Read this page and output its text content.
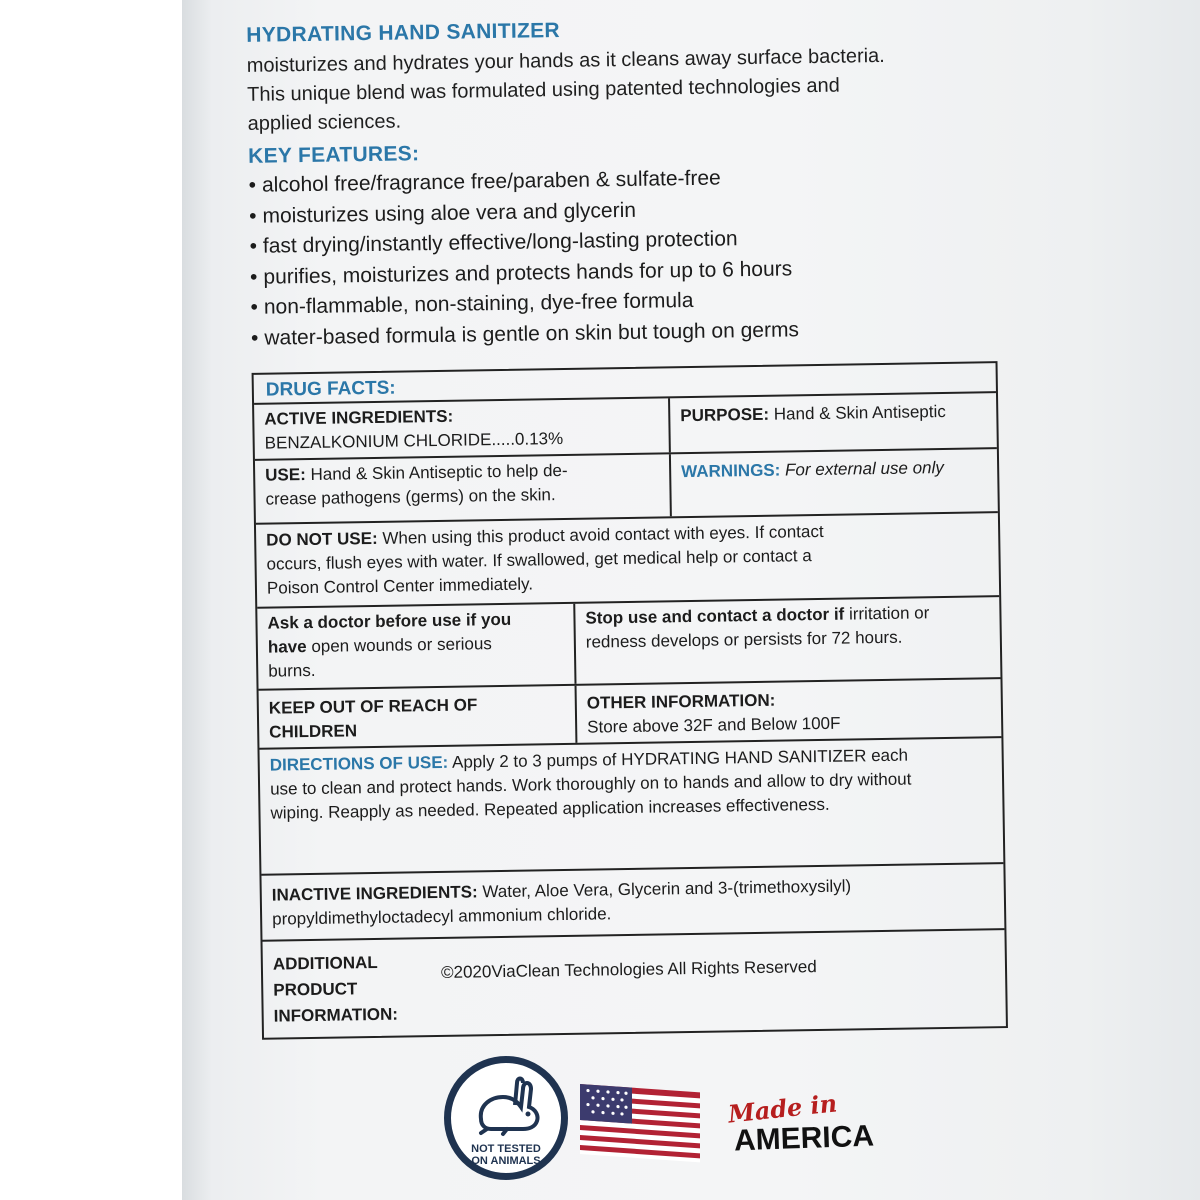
HYDRATING HAND SANITIZER
moisturizes and hydrates your hands as it cleans away surface bacteria.
This unique blend was formulated using patented technologies and
applied sciences.
KEY FEATURES:
• alcohol free/fragrance free/paraben & sulfate-free
• moisturizes using aloe vera and glycerin
• fast drying/instantly effective/long-lasting protection
• purifies, moisturizes and protects hands for up to 6 hours
• non-flammable, non-staining, dye-free formula
• water-based formula is gentle on skin but tough on germs
DRUG FACTS:
ACTIVE INGREDIENTS:
BENZALKONIUM CHLORIDE.....0.13%
PURPOSE: Hand & Skin Antiseptic
USE: Hand & Skin Antiseptic to help de-
crease pathogens (germs) on the skin.
WARNINGS: For external use only
DO NOT USE: When using this product avoid contact with eyes. If contact
occurs, flush eyes with water. If swallowed, get medical help or contact a
Poison Control Center immediately.
Ask a doctor before use if you
have open wounds or serious
burns.
Stop use and contact a doctor if irritation or
redness develops or persists for 72 hours.
KEEP OUT OF REACH OF
CHILDREN
OTHER INFORMATION:
Store above 32F and Below 100F
DIRECTIONS OF USE: Apply 2 to 3 pumps of HYDRATING HAND SANITIZER each
use to clean and protect hands. Work thoroughly on to hands and allow to dry without
wiping. Reapply as needed. Repeated application increases effectiveness.
INACTIVE INGREDIENTS: Water, Aloe Vera, Glycerin and 3-(trimethoxysilyl)
propyldimethyloctadecyl ammonium chloride.
ADDITIONAL
PRODUCT
INFORMATION:
©2020ViaClean Technologies All Rights Reserved
NOT TESTED
ON ANIMALS
Made in
AMERICA
